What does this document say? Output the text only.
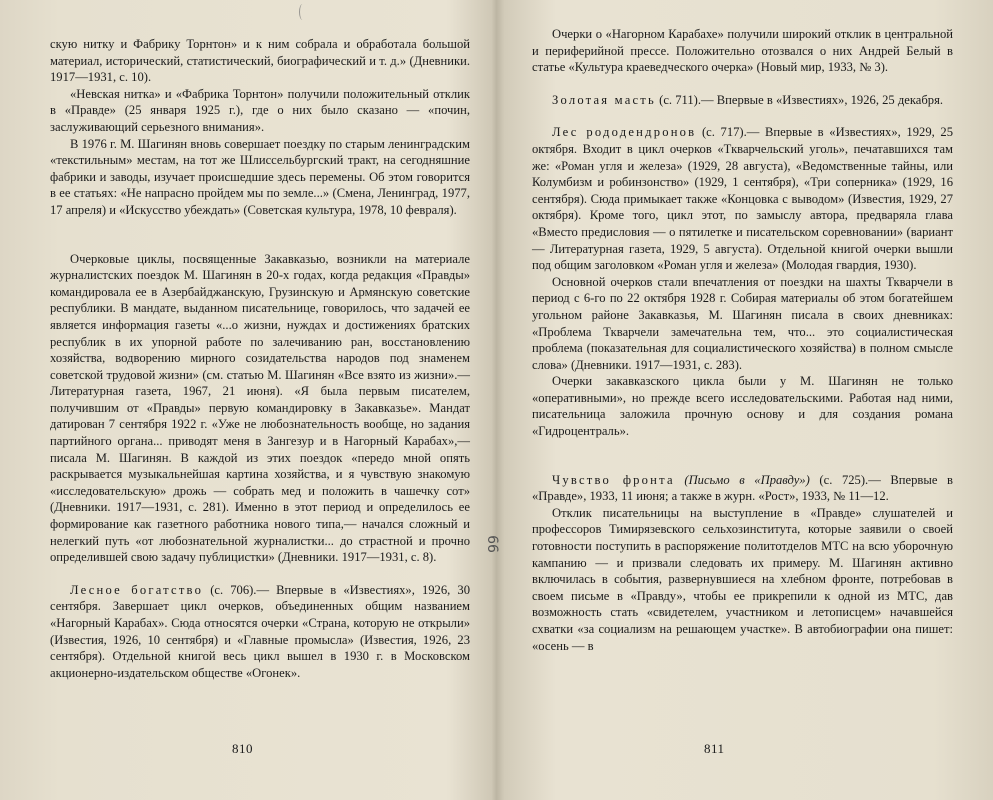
скую нитку и Фабрику Торнтон» и к ним собрала и обработала большой материал, исторический, статистический, биографический и т. д.» (Дневники. 1917—1931, с. 10).

«Невская нитка» и «Фабрика Торнтон» получили положительный отклик в «Правде» (25 января 1925 г.), где о них было сказано — «почин, заслуживающий серьезного внимания».

В 1976 г. М. Шагинян вновь совершает поездку по старым ленинградским «текстильным» местам, на тот же Шлиссельбургский тракт, на сегодняшние фабрики и заводы, изучает происшедшие здесь перемены. Об этом говорится в ее статьях: «Не напрасно пройдем мы по земле...» (Смена, Ленинград, 1977, 17 апреля) и «Искусство убеждать» (Советская культура, 1978, 10 февраля).

Очерковые циклы, посвященные Закавказью, возникли на материале журналистских поездок М. Шагинян в 20-х годах, когда редакция «Правды» командировала ее в Азербайджанскую, Грузинскую и Армянскую советские республики. В мандате, выданном писательнице, говорилось, что задачей ее является информация газеты «...о жизни, нуждах и достижениях братских республик в их упорной работе по залечиванию ран, восстановлению хозяйства, водворению мирного созидательства народов под знаменем советской трудовой жизни» (см. статью М. Шагинян «Все взято из жизни».— Литературная газета, 1967, 21 июня). «Я была первым писателем, получившим от «Правды» первую командировку в Закавказье». Мандат датирован 7 сентября 1922 г. «Уже не любознательность вообще, но задания партийного органа... приводят меня в Зангезур и в Нагорный Карабах»,— писала М. Шагинян. В каждой из этих поездок «передо мной опять раскрывается музыкальнейшая картина хозяйства, и я чувствую знакомую «исследовательскую» дрожь — собрать мед и положить в чашечку сот» (Дневники. 1917—1931, с. 281). Именно в этот период и определилось ее формирование как газетного работника нового типа,— начался сложный и нелегкий путь «от любознательной журналистки... до страстной и прочно определившей свою задачу публицистки» (Дневники. 1917—1931, с. 8).

Лесное богатство (с. 706).— Впервые в «Известиях», 1926, 30 сентября. Завершает цикл очерков, объединенных общим названием «Нагорный Карабах». Сюда относятся очерки «Страна, которую не открыли» (Известия, 1926, 10 сентября) и «Главные промысла» (Известия, 1926, 23 сентября). Отдельной книгой весь цикл вышел в 1930 г. в Московском акционерно-издательском обществе «Огонек».

810
66

Очерки о «Нагорном Карабахе» получили широкий отклик в центральной и периферийной прессе. Положительно отозвался о них Андрей Белый в статье «Культура краеведческого очерка» (Новый мир, 1933, № 3).

Золотая масть (с. 711).— Впервые в «Известиях», 1926, 25 декабря.

Лес рододендронов (с. 717).— Впервые в «Известиях», 1929, 25 октября. Входит в цикл очерков «Ткварчельский уголь», печатавшихся там же: «Роман угля и железа» (1929, 28 августа), «Ведомственные тайны, или Колумбизм и робинзонство» (1929, 1 сентября), «Три соперника» (1929, 16 сентября). Сюда примыкает также «Концовка с выводом» (Известия, 1929, 27 октября). Кроме того, цикл этот, по замыслу автора, предваряла глава «Вместо предисловия — о пятилетке и писательском соревновании» (вариант — Литературная газета, 1929, 5 августа). Отдельной книгой очерки вышли под общим заголовком «Роман угля и железа» (Молодая гвардия, 1930).

Основной очерков стали впечатления от поездки на шахты Ткварчели в период с 6-го по 22 октября 1928 г. Собирая материалы об этом богатейшем угольном районе Закавказья, М. Шагинян писала в своих дневниках: «Проблема Ткварчели замечательна тем, что... это социалистическая проблема (показательная для социалистического хозяйства) в полном смысле слова» (Дневники. 1917—1931, с. 283).

Очерки закавказского цикла были у М. Шагинян не только «оперативными», но прежде всего исследовательскими. Работая над ними, писательница заложила прочную основу и для создания романа «Гидроцентраль».

Чувство фронта (Письмо в «Правду») (с. 725).— Впервые в «Правде», 1933, 11 июня; а также в журн. «Рост», 1933, № 11—12.

Отклик писательницы на выступление в «Правде» слушателей и профессоров Тимирязевского сельхозинститута, которые заявили о своей готовности поступить в распоряжение политотделов МТС на всю уборочную кампанию — и призвали следовать их примеру. М. Шагинян активно включилась в события, развернувшиеся на хлебном фронте, потребовав в своем письме в «Правду», чтобы ее прикрепили к одной из МТС, дав возможность стать «свидетелем, участником и летописцем» начавшейся схватки «за социализм на решающем участке». В автобиографии она пишет: «осень — в

811
